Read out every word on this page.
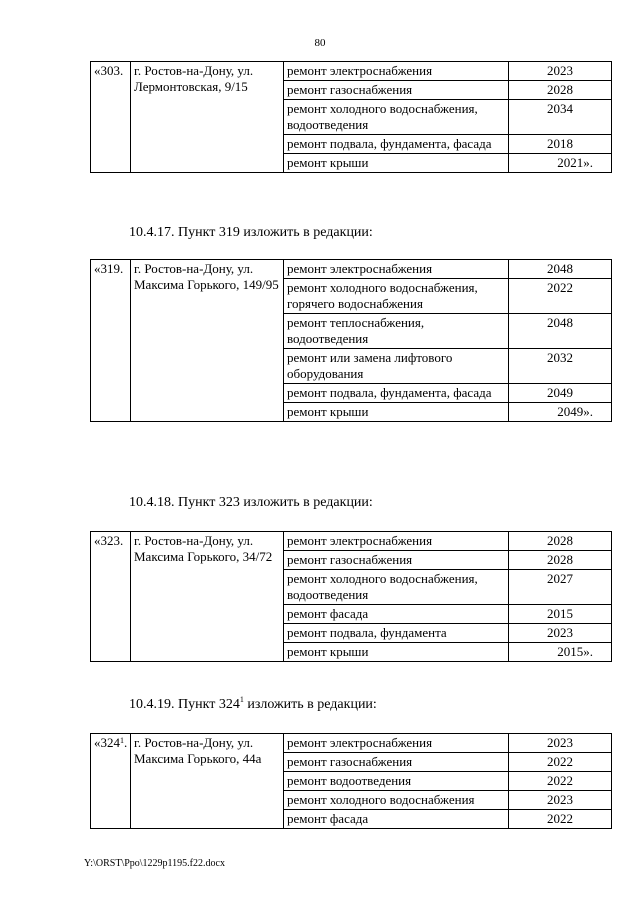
80
«303.	г. Ростов-на-Дону, ул. Лермонтовская, 9/15	ремонт электроснабжения	2023
		ремонт газоснабжения	2028
		ремонт холодного водоснабжения, водоотведения	2034
		ремонт подвала, фундамента, фасада	2018
		ремонт крыши	2021».
10.4.17. Пункт 319 изложить в редакции:
«319.	г. Ростов-на-Дону, ул. Максима Горького, 149/95	ремонт электроснабжения	2048
		ремонт холодного водоснабжения, горячего водоснабжения	2022
		ремонт теплоснабжения, водоотведения	2048
		ремонт или замена лифтового оборудования	2032
		ремонт подвала, фундамента, фасада	2049
		ремонт крыши	2049».
10.4.18. Пункт 323 изложить в редакции:
«323.	г. Ростов-на-Дону, ул. Максима Горького, 34/72	ремонт электроснабжения	2028
		ремонт газоснабжения	2028
		ремонт холодного водоснабжения, водоотведения	2027
		ремонт фасада	2015
		ремонт подвала, фундамента	2023
		ремонт крыши	2015».
10.4.19. Пункт $324^1$ изложить в редакции:
«$324^1$.	г. Ростов-на-Дону, ул. Максима Горького, 44а	ремонт электроснабжения	2023
		ремонт газоснабжения	2022
		ремонт водоотведения	2022
		ремонт холодного водоснабжения	2023
		ремонт фасада	2022
Y:\ORST\Ppo\1229p1195.f22.docx
